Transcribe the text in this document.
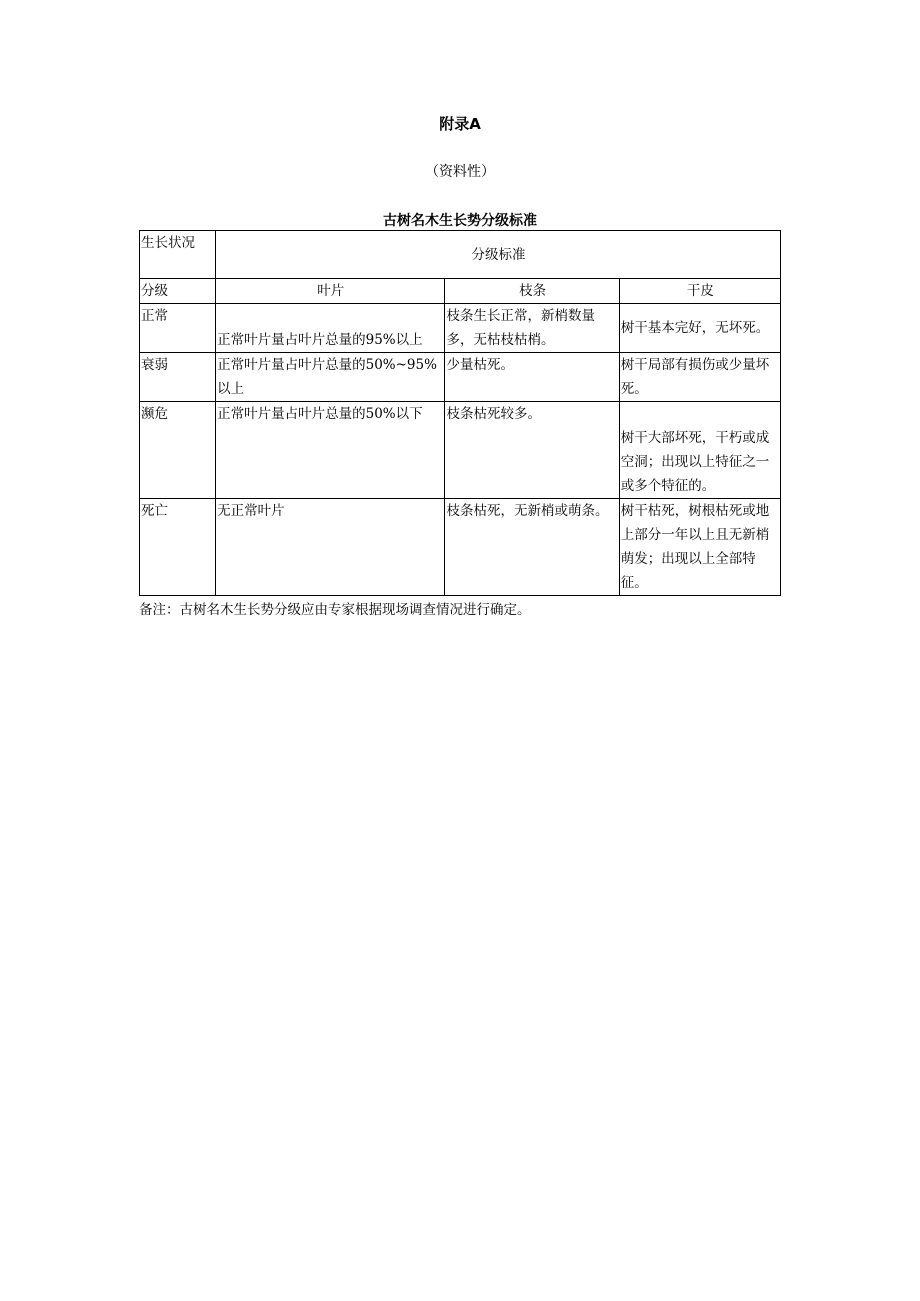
附录A
（资料性）
古树名木生长势分级标准
生长状况	分级标准		
分级	叶片	枝条	干皮
正常	正常叶片量占叶片总量的95%以上	枝条生长正常，新梢数量多，无枯枝枯梢。	树干基本完好，无坏死。
衰弱	正常叶片量占叶片总量的50%~95%以上	少量枯死。	树干局部有损伤或少量坏死。
濒危	正常叶片量占叶片总量的50%以下	枝条枯死较多。	树干大部坏死，干朽或成空洞；出现以上特征之一或多个特征的。
死亡	无正常叶片	枝条枯死，无新梢或萌条。	树干枯死，树根枯死或地上部分一年以上且无新梢萌发；出现以上全部特征。
备注：古树名木生长势分级应由专家根据现场调查情况进行确定。
